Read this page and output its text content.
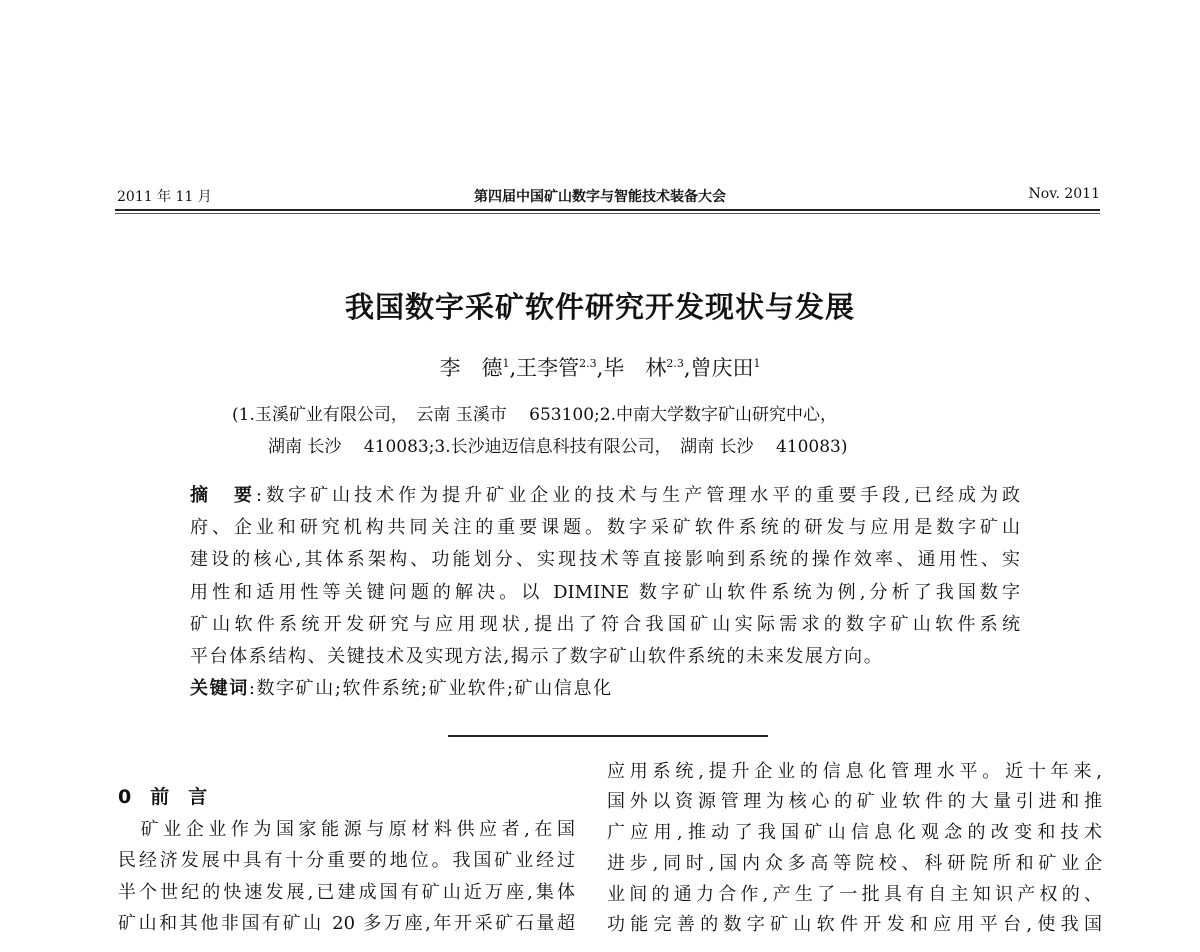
2011 年 11 月	第四届中国矿山数字与智能技术装备大会	Nov. 2011
我国数字采矿软件研究开发现状与发展
李　德$^1$,王李管$^{2.3}$,毕　林$^{2.3}$,曾庆田$^1$
(1.玉溪矿业有限公司，　云南 玉溪市　 653100;2.中南大学数字矿山研究中心，
湖南 长沙　 410083;3.长沙迪迈信息科技有限公司，　湖南 长沙　 410083)
摘　要:数字矿山技术作为提升矿业企业的技术与生产管理水平的重要手段,已经成为政
府、企业和研究机构共同关注的重要课题。数字采矿软件系统的研发与应用是数字矿山
建设的核心,其体系架构、功能划分、实现技术等直接影响到系统的操作效率、通用性、实
用性和适用性等关键问题的解决。以 DIMINE 数字矿山软件系统为例,分析了我国数字
矿山软件系统开发研究与应用现状,提出了符合我国矿山实际需求的数字矿山软件系统
平台体系结构、关键技术及实现方法,揭示了数字矿山软件系统的未来发展方向。
关键词:数字矿山;软件系统;矿业软件;矿山信息化
0　 前　言
　矿业企业作为国家能源与原材料供应者,在国
民经济发展中具有十分重要的地位。我国矿业经过
半个世纪的快速发展,已建成国有矿山近万座,集体
矿山和其他非国有矿山 20 多万座,年开采矿石量超
应用系统,提升企业的信息化管理水平。近十年来,
国外以资源管理为核心的矿业软件的大量引进和推
广应用,推动了我国矿山信息化观念的改变和技术
进步,同时,国内众多高等院校、科研院所和矿业企
业间的通力合作,产生了一批具有自主知识产权的、
功能完善的数字矿山软件开发和应用平台,使我国
